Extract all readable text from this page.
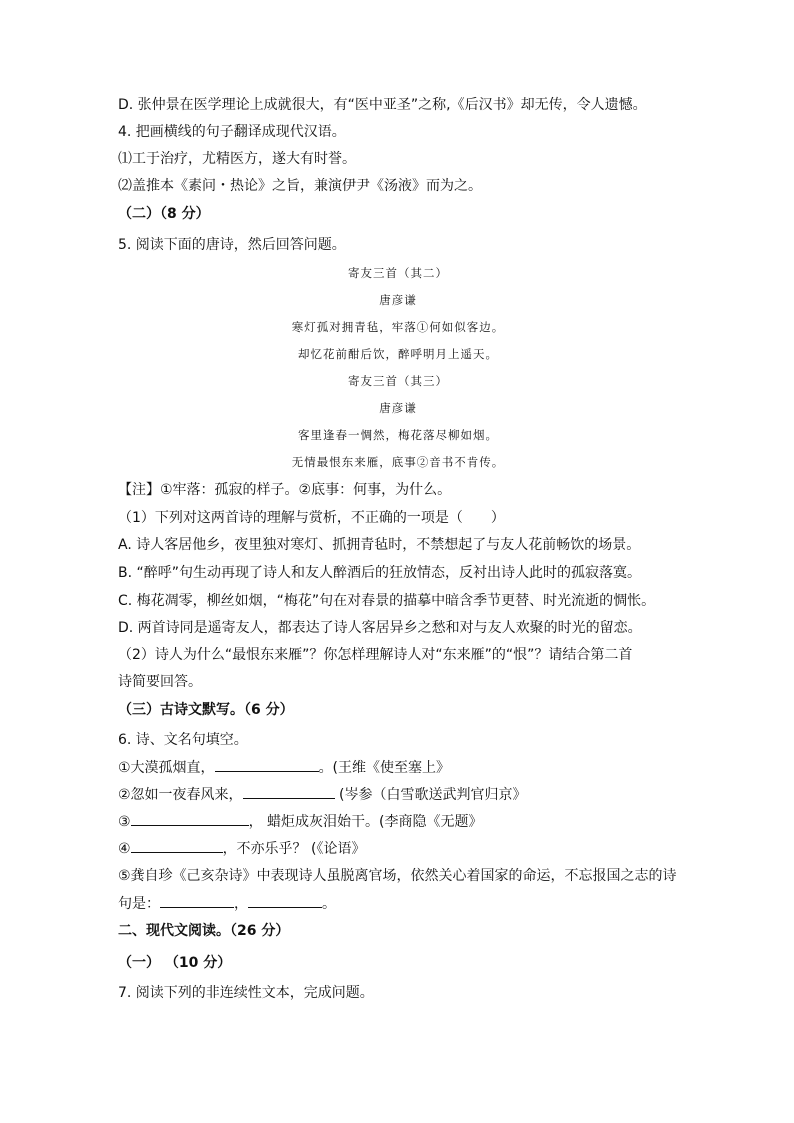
D. 张仲景在医学理论上成就很大，有“医中亚圣”之称,《后汉书》却无传，令人遗憾。
4. 把画横线的句子翻译成现代汉语。
⑴工于治疗，尤精医方，遂大有时誉。
⑵盖推本《素问・热论》之旨，兼演伊尹《汤液》而为之。
（二）（8 分）
5. 阅读下面的唐诗，然后回答问题。
寄友三首（其二）
唐彦谦
寒灯孤对拥青毡，牢落①何如似客边。
却忆花前酣后饮，醉呼明月上遥天。
寄友三首（其三）
唐彦谦
客里逢春一惆然，梅花落尽柳如烟。
无情最恨东来雁，底事②音书不肯传。
【注】①牢落：孤寂的样子。②底事：何事，为什么。
（1）下列对这两首诗的理解与赏析，不正确的一项是（　　）
A. 诗人客居他乡，夜里独对寒灯、抓拥青毡时，不禁想起了与友人花前畅饮的场景。
B. “醉呼”句生动再现了诗人和友人醉酒后的狂放情态，反衬出诗人此时的孤寂落寞。
C. 梅花凋零，柳丝如烟，“梅花”句在对春景的描摹中暗含季节更替、时光流逝的惆怅。
D. 两首诗同是遥寄友人，都表达了诗人客居异乡之愁和对与友人欢聚的时光的留恋。
（2）诗人为什么“最恨东来雁”？你怎样理解诗人对“东来雁”的“恨”？请结合第二首
诗简要回答。
（三）古诗文默写。（6 分）
6. 诗、文名句填空。
①大漠孤烟直，	。(王维《使至塞上》
②忽如一夜春风来，	(岑参（白雪歌送武判官归京》
③	， 蜡炬成灰泪始干。(李商隐《无题》
④	，不亦乐乎？ (《论语》
⑤龚自珍《己亥杂诗》中表现诗人虽脱离官场，依然关心着国家的命运，不忘报国之志的诗
句是：	，	。
二、现代文阅读。（26 分）
（一） （10 分）
7. 阅读下列的非连续性文本，完成问题。
